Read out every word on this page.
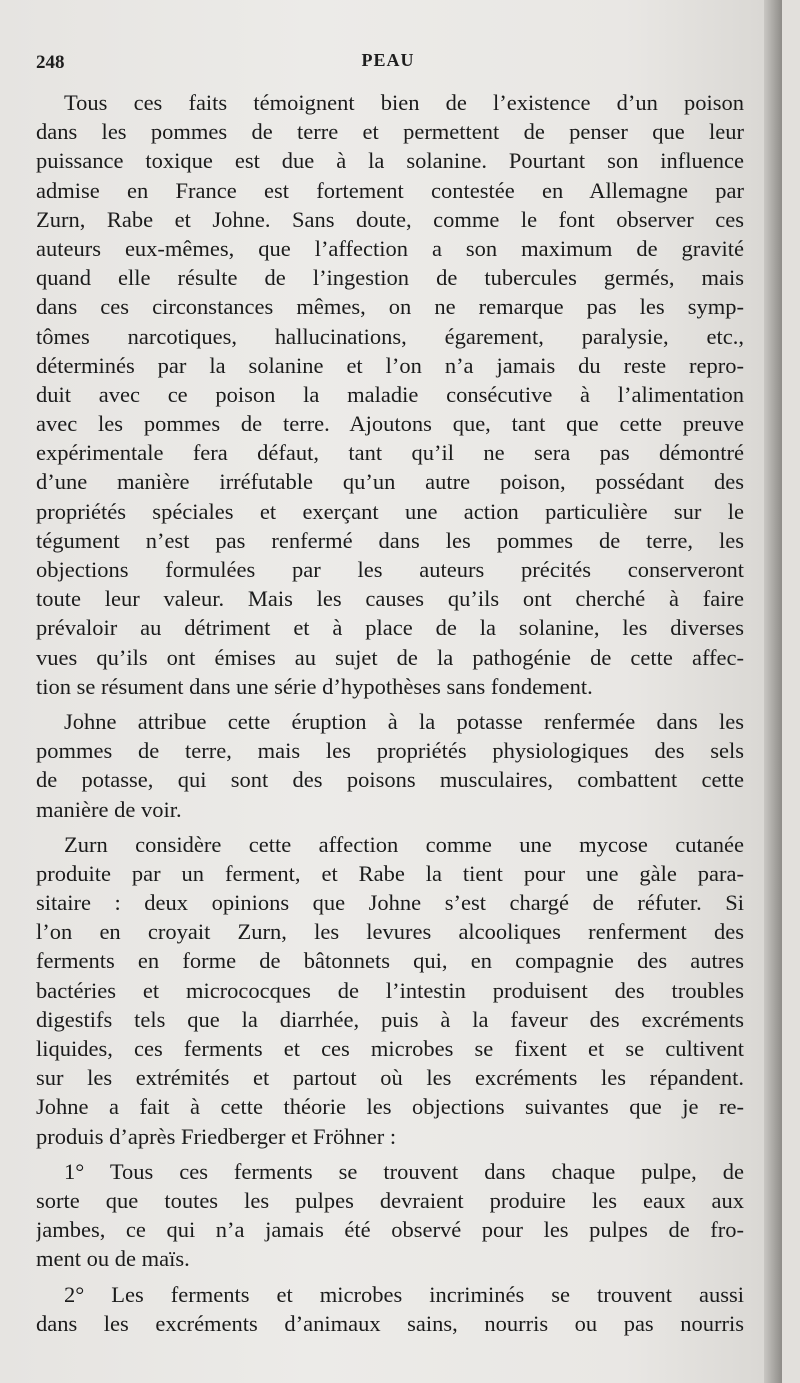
248	PEAU
Tous ces faits témoignent bien de l’existence d’un poison
dans les pommes de terre et permettent de penser que leur
puissance toxique est due à la solanine. Pourtant son influence
admise en France est fortement contestée en Allemagne par
Zurn, Rabe et Johne. Sans doute, comme le font observer ces
auteurs eux-mêmes, que l’affection a son maximum de gravité
quand elle résulte de l’ingestion de tubercules germés, mais
dans ces circonstances mêmes, on ne remarque pas les symp-
tômes narcotiques, hallucinations, égarement, paralysie, etc.,
déterminés par la solanine et l’on n’a jamais du reste repro-
duit avec ce poison la maladie consécutive à l’alimentation
avec les pommes de terre. Ajoutons que, tant que cette preuve
expérimentale fera défaut, tant qu’il ne sera pas démontré
d’une manière irréfutable qu’un autre poison, possédant des
propriétés spéciales et exerçant une action particulière sur le
tégument n’est pas renfermé dans les pommes de terre, les
objections formulées par les auteurs précités conserveront
toute leur valeur. Mais les causes qu’ils ont cherché à faire
prévaloir au détriment et à place de la solanine, les diverses
vues qu’ils ont émises au sujet de la pathogénie de cette affec-
tion se résument dans une série d’hypothèses sans fondement.
Johne attribue cette éruption à la potasse renfermée dans les
pommes de terre, mais les propriétés physiologiques des sels
de potasse, qui sont des poisons musculaires, combattent cette
manière de voir.
Zurn considère cette affection comme une mycose cutanée
produite par un ferment, et Rabe la tient pour une gàle para-
sitaire : deux opinions que Johne s’est chargé de réfuter. Si
l’on en croyait Zurn, les levures alcooliques renferment des
ferments en forme de bâtonnets qui, en compagnie des autres
bactéries et micrococques de l’intestin produisent des troubles
digestifs tels que la diarrhée, puis à la faveur des excréments
liquides, ces ferments et ces microbes se fixent et se cultivent
sur les extrémités et partout où les excréments les répandent.
Johne a fait à cette théorie les objections suivantes que je re-
produis d’après Friedberger et Fröhner :
1° Tous ces ferments se trouvent dans chaque pulpe, de
sorte que toutes les pulpes devraient produire les eaux aux
jambes, ce qui n’a jamais été observé pour les pulpes de fro-
ment ou de maïs.
2° Les ferments et microbes incriminés se trouvent aussi
dans les excréments d’animaux sains, nourris ou pas nourris
